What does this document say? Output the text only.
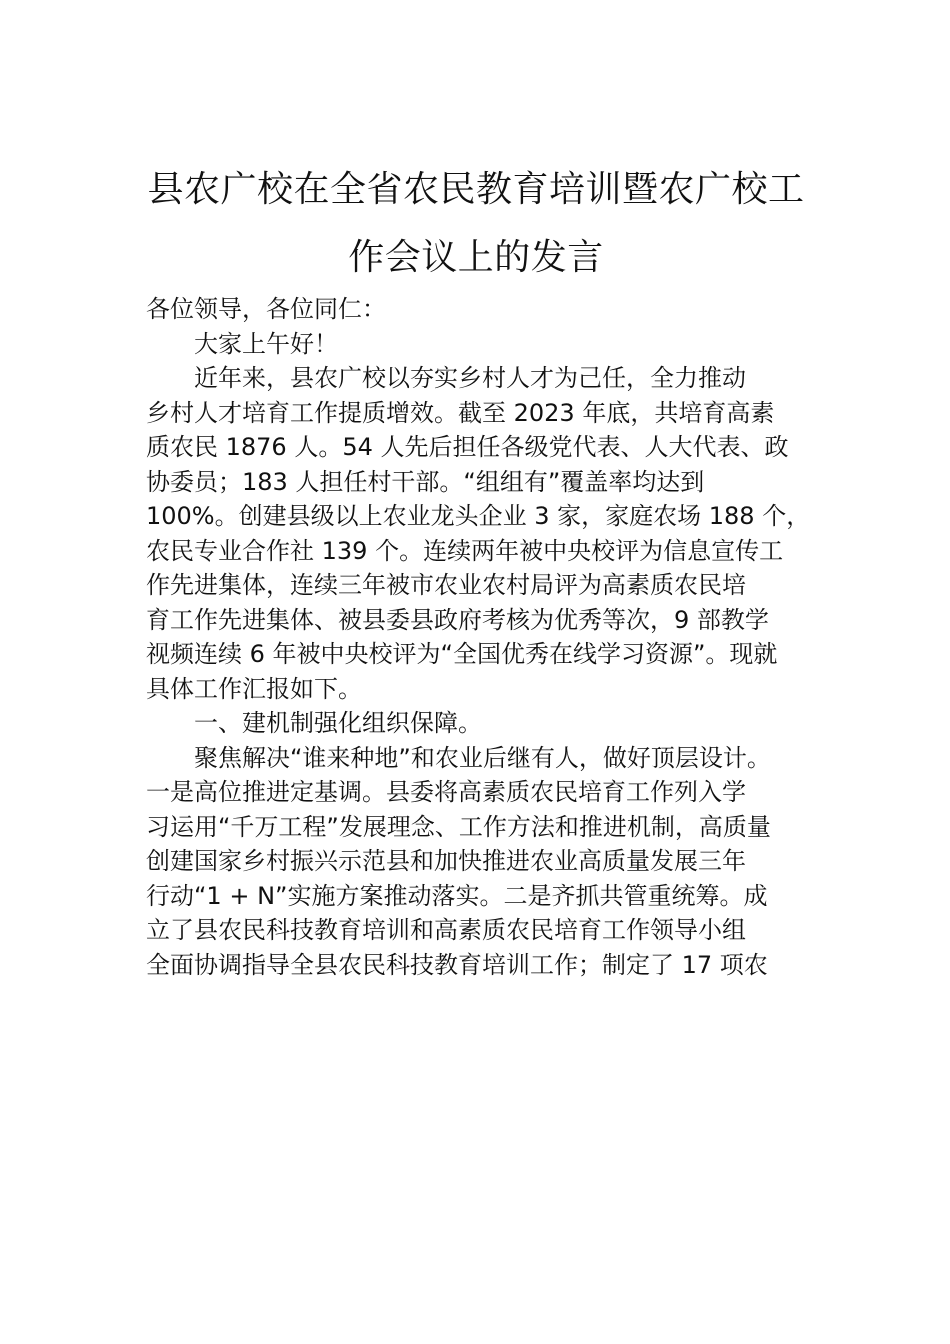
县农广校在全省农民教育培训暨农广校工
作会议上的发言
各位领导，各位同仁：
大家上午好！
近年来，县农广校以夯实乡村人才为己任，全力推动
乡村人才培育工作提质增效。截至 2023 年底，共培育高素
质农民 1876 人。54 人先后担任各级党代表、人大代表、政
协委员；183 人担任村干部。“组组有”覆盖率均达到
100%。创建县级以上农业龙头企业 3 家，家庭农场 188 个，
农民专业合作社 139 个。连续两年被中央校评为信息宣传工
作先进集体，连续三年被市农业农村局评为高素质农民培
育工作先进集体、被县委县政府考核为优秀等次，9 部教学
视频连续 6 年被中央校评为“全国优秀在线学习资源”。现就
具体工作汇报如下。
一、建机制强化组织保障。
聚焦解决“谁来种地”和农业后继有人，做好顶层设计。
一是高位推进定基调。县委将高素质农民培育工作列入学
习运用“千万工程”发展理念、工作方法和推进机制，高质量
创建国家乡村振兴示范县和加快推进农业高质量发展三年
行动“1 + N”实施方案推动落实。二是齐抓共管重统筹。成
立了县农民科技教育培训和高素质农民培育工作领导小组
全面协调指导全县农民科技教育培训工作；制定了 17 项农
